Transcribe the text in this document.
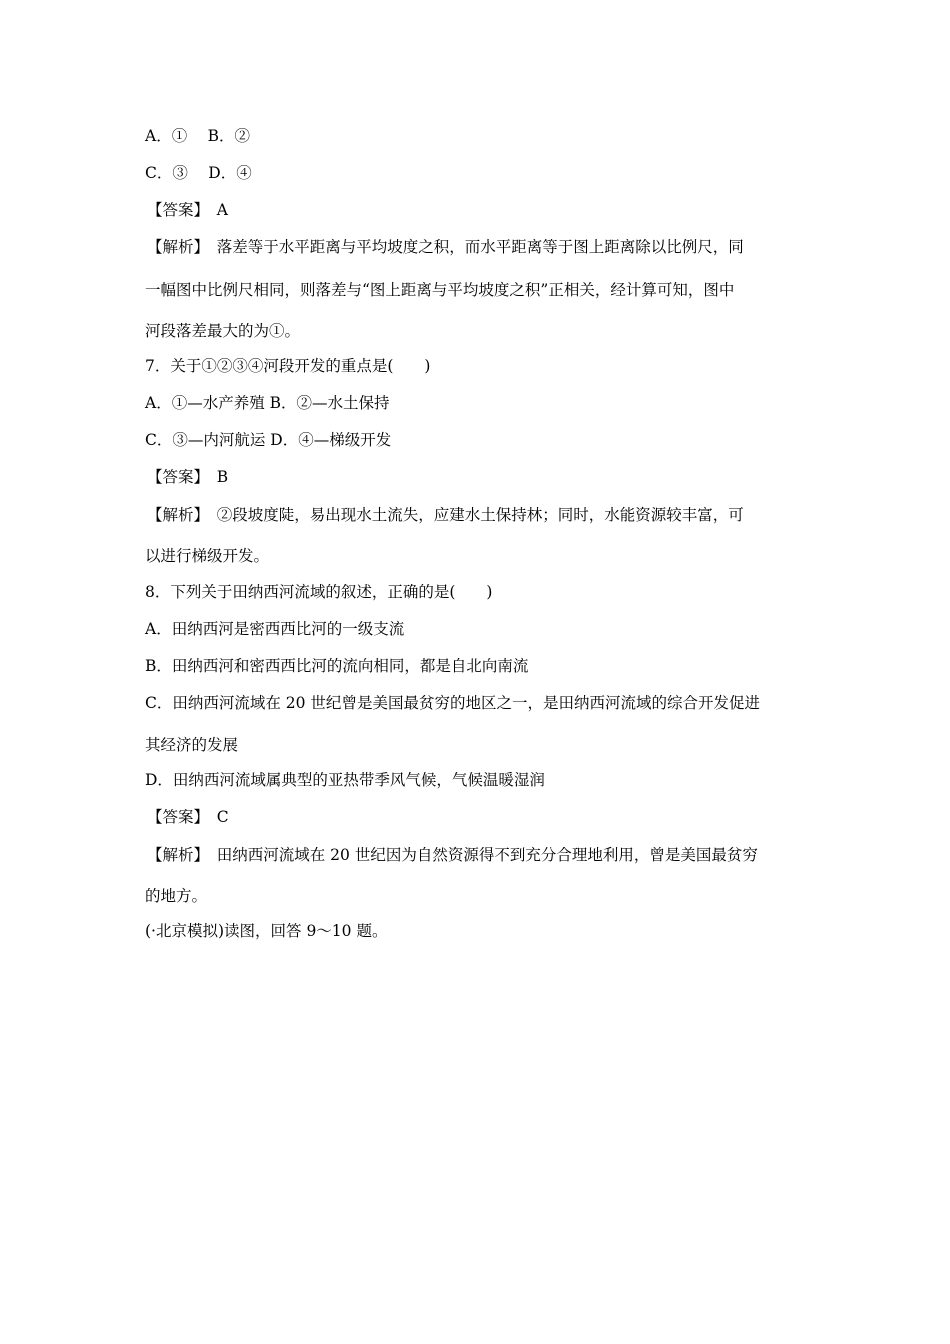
A．①　 B．②
C．③　 D．④
【答案】　A
【解析】　落差等于水平距离与平均坡度之积，而水平距离等于图上距离除以比例尺，同
一幅图中比例尺相同，则落差与“图上距离与平均坡度之积”正相关，经计算可知，图中
河段落差最大的为①。
7．关于①②③④河段开发的重点是(　　)
A．①—水产养殖 B．②—水土保持
C．③—内河航运 D．④—梯级开发
【答案】　B
【解析】　②段坡度陡，易出现水土流失，应建水土保持林；同时，水能资源较丰富，可
以进行梯级开发。
8．下列关于田纳西河流域的叙述，正确的是(　　)
A．田纳西河是密西西比河的一级支流
B．田纳西河和密西西比河的流向相同，都是自北向南流
C．田纳西河流域在 20 世纪曾是美国最贫穷的地区之一，是田纳西河流域的综合开发促进
其经济的发展
D．田纳西河流域属典型的亚热带季风气候，气候温暖湿润
【答案】　C
【解析】　田纳西河流域在 20 世纪因为自然资源得不到充分合理地利用，曾是美国最贫穷
的地方。
(·北京模拟)读图，回答 9～10 题。
